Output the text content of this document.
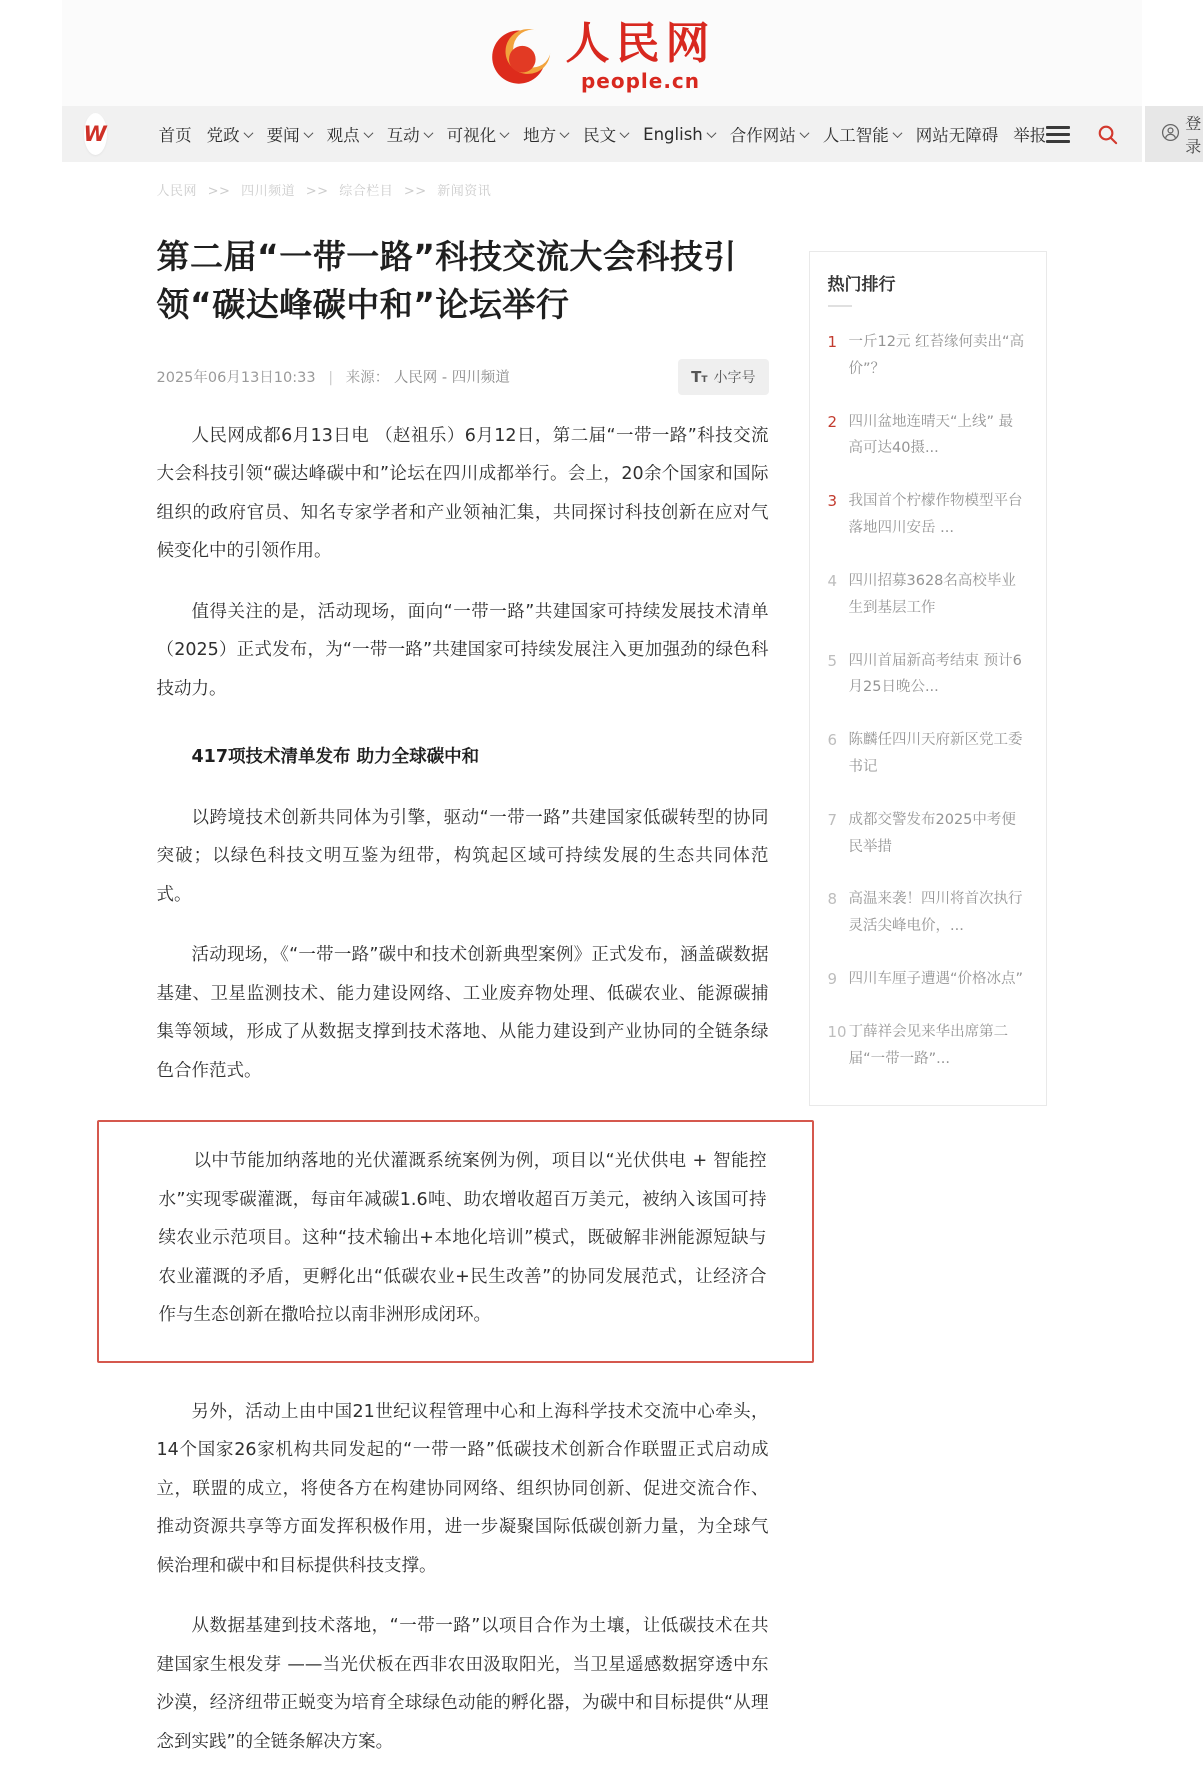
人民网
people.cn
W	首页 党政 要闻 观点 互动 可视化 地方 民文 English 合作网站 人工智能 网站无障碍 举报
登录
人民网 >> 四川频道 >> 综合栏目 >> 新闻资讯
第二届“一带一路”科技交流大会科技引领“碳达峰碳中和”论坛举行
2025年06月13日10:33 | 来源： 人民网 - 四川频道	TT 小字号

人民网成都6月13日电 （赵祖乐）6月12日，第二届“一带一路”科技交流大会科技引领“碳达峰碳中和”论坛在四川成都举行。会上，20余个国家和国际组织的政府官员、知名专家学者和产业领袖汇集，共同探讨科技创新在应对气候变化中的引领作用。

值得关注的是，活动现场，面向“一带一路”共建国家可持续发展技术清单（2025）正式发布，为“一带一路”共建国家可持续发展注入更加强劲的绿色科技动力。

417项技术清单发布 助力全球碳中和

以跨境技术创新共同体为引擎，驱动“一带一路”共建国家低碳转型的协同突破；以绿色科技文明互鉴为纽带，构筑起区域可持续发展的生态共同体范式。

活动现场，《“一带一路”碳中和技术创新典型案例》正式发布，涵盖碳数据基建、卫星监测技术、能力建设网络、工业废弃物处理、低碳农业、能源碳捕集等领域，形成了从数据支撑到技术落地、从能力建设到产业协同的全链条绿色合作范式。

以中节能加纳落地的光伏灌溉系统案例为例，项目以“光伏供电 + 智能控水”实现零碳灌溉，每亩年减碳1.6吨、助农增收超百万美元，被纳入该国可持续农业示范项目。这种“技术输出+本地化培训”模式，既破解非洲能源短缺与农业灌溉的矛盾，更孵化出“低碳农业+民生改善”的协同发展范式，让经济合作与生态创新在撒哈拉以南非洲形成闭环。

另外，活动上由中国21世纪议程管理中心和上海科学技术交流中心牵头，14个国家26家机构共同发起的“一带一路”低碳技术创新合作联盟正式启动成立，联盟的成立，将使各方在构建协同网络、组织协同创新、促进交流合作、推动资源共享等方面发挥积极作用，进一步凝聚国际低碳创新力量，为全球气候治理和碳中和目标提供科技支撑。

从数据基建到技术落地，“一带一路”以项目合作为土壤，让低碳技术在共建国家生根发芽 ——当光伏板在西非农田汲取阳光，当卫星遥感数据穿透中东沙漠，经济纽带正蜕变为培育全球绿色动能的孵化器，为碳中和目标提供“从理念到实践”的全链条解决方案。

热门排行
1 一斤12元 红苔缘何卖出“高价”？
2 四川盆地连晴天“上线” 最高可达40摄...
3 我国首个柠檬作物模型平台落地四川安岳 ...
4 四川招募3628名高校毕业生到基层工作
5 四川首届新高考结束 预计6月25日晚公...
6 陈麟任四川天府新区党工委书记
7 成都交警发布2025中考便民举措
8 高温来袭！四川将首次执行灵活尖峰电价，...
9 四川车厘子遭遇“价格冰点”
10 丁薛祥会见来华出席第二届“一带一路”...
